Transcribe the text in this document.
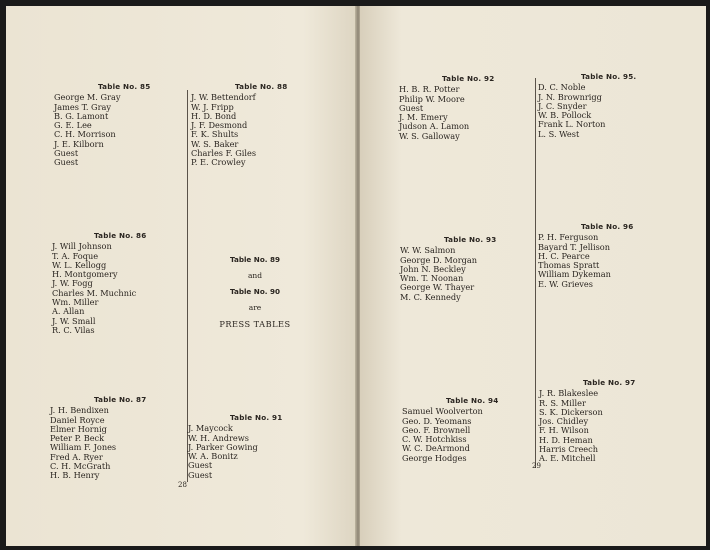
Table No. 85
George M. Gray
James T. Gray
B. G. Lamont
G. E. Lee
C. H. Morrison
J. E. Kilborn
Guest
Guest
Table No. 88
J. W. Bettendorf
W. J. Fripp
H. D. Bond
J. F. Desmond
F. K. Shults
W. S. Baker
Charles F. Giles
P. E. Crowley
Table No. 86
J. Will Johnson
T. A. Foque
W. L. Kellogg
H. Montgomery
J. W. Fogg
Charles M. Muchnic
Wm. Miller
A. Allan
J. W. Small
R. C. Vilas
Table No. 89
and
Table No. 90
are
PRESS TABLES
Table No. 87
J. H. Bendixen
Daniel Royce
Elmer Hornig
Peter P. Beck
William F. Jones
Fred A. Ryer
C. H. McGrath
H. B. Henry
Table No. 91
J. Maycock
W. H. Andrews
J. Parker Gowing
W. A. Bonitz
Guest
Guest
28
Table No. 92
H. B. R. Potter
Philip W. Moore
Guest
J. M. Emery
Judson A. Lamon
W. S. Galloway
Table No. 95.
D. C. Noble
J. N. Brownrigg
J. C. Snyder
W. B. Pollock
Frank L. Norton
L. S. West
Table No. 93
W. W. Salmon
George D. Morgan
John N. Beckley
Wm. T. Noonan
George W. Thayer
M. C. Kennedy
Table No. 96
P. H. Ferguson
Bayard T. Jellison
H. C. Pearce
Thomas Spratt
William Dykeman
E. W. Grieves
Table No. 94
Samuel Woolverton
Geo. D. Yeomans
Geo. F. Brownell
C. W. Hotchkiss
W. C. DeArmond
George Hodges
Table No. 97
J. R. Blakeslee
R. S. Miller
S. K. Dickerson
Jos. Chidley
F. H. Wilson
H. D. Heman
Harris Creech
A. E. Mitchell
29
